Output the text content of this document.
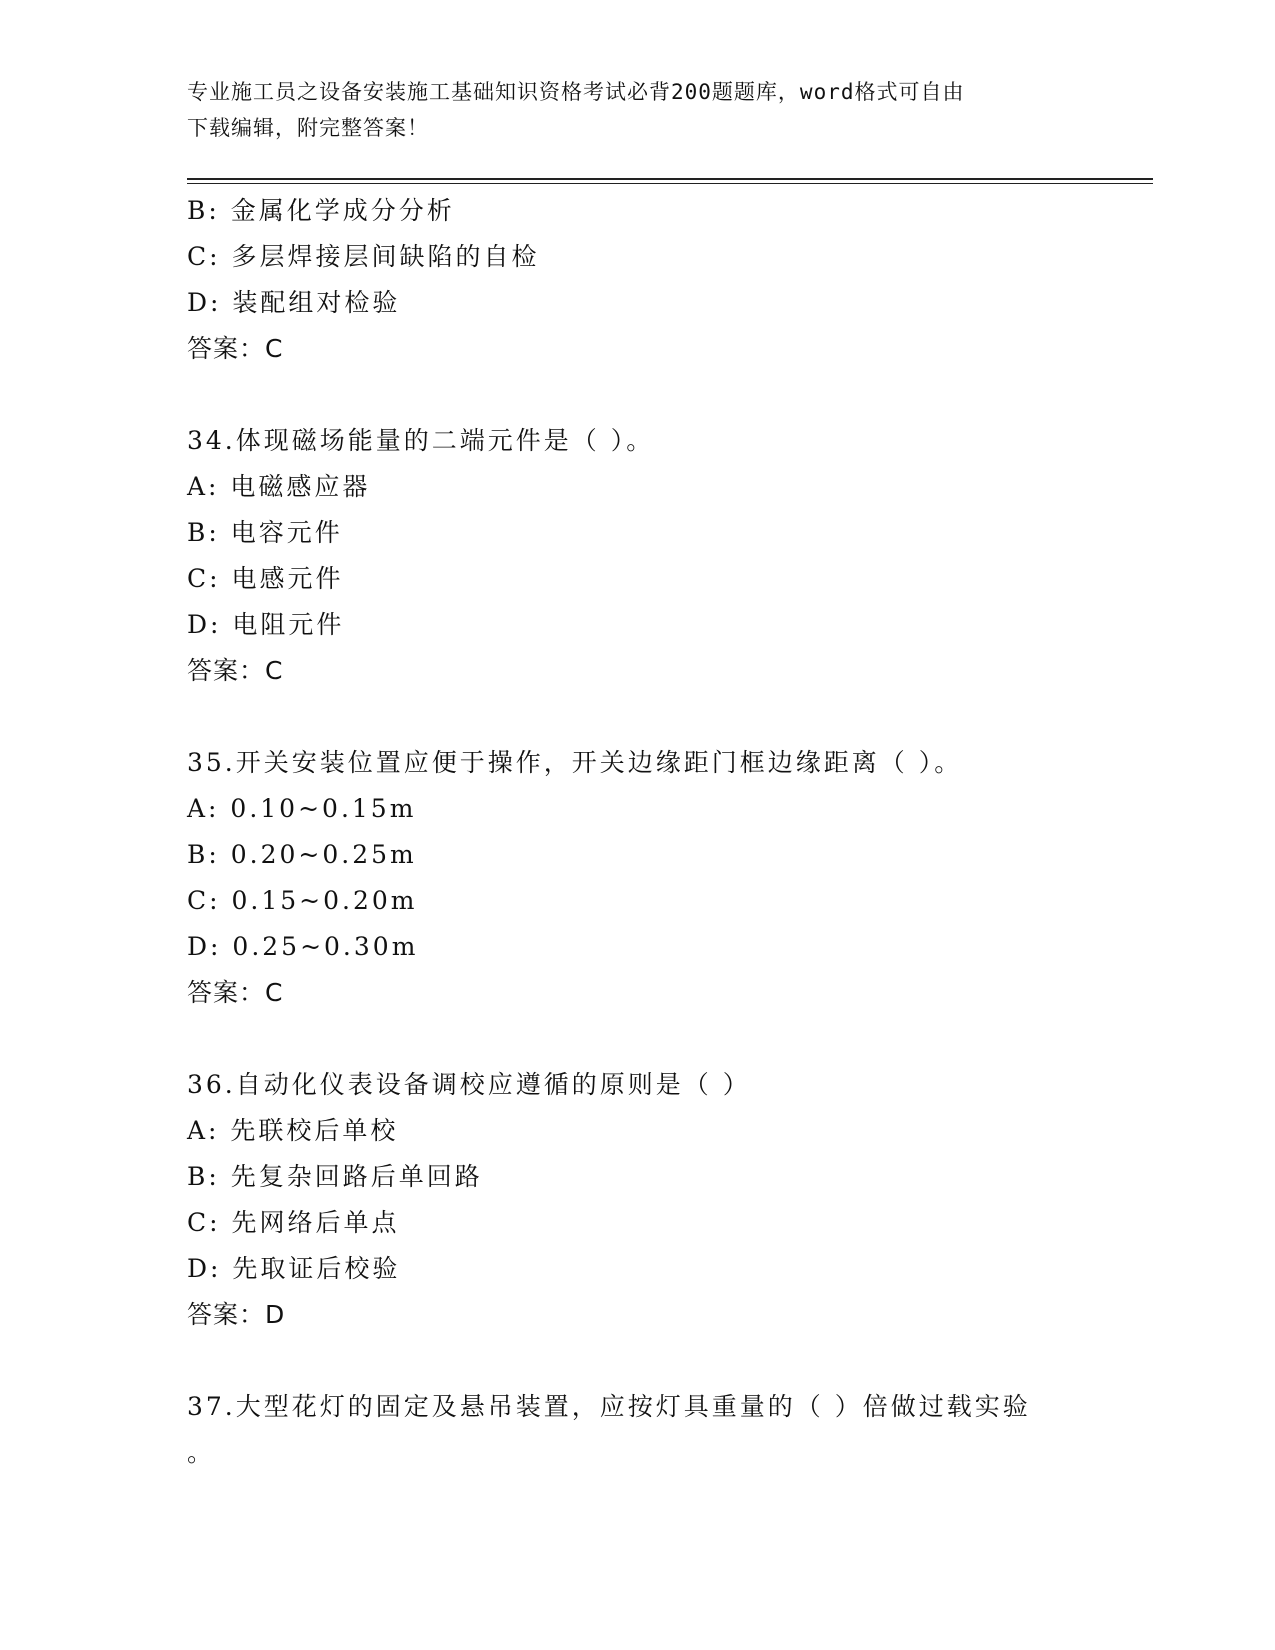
专业施工员之设备安装施工基础知识资格考试必背200题题库，word格式可自由
下载编辑，附完整答案！
B: 金属化学成分分析
C: 多层焊接层间缺陷的自检
D: 装配组对检验
答案：C
34.体现磁场能量的二端元件是（ ）。
A: 电磁感应器
B: 电容元件
C: 电感元件
D: 电阻元件
答案：C
35.开关安装位置应便于操作，开关边缘距门框边缘距离（ ）。
A: 0.10~0.15m
B: 0.20~0.25m
C: 0.15~0.20m
D: 0.25~0.30m
答案：C
36.自动化仪表设备调校应遵循的原则是（ ）
A: 先联校后单校
B: 先复杂回路后单回路
C: 先网络后单点
D: 先取证后校验
答案：D
37.大型花灯的固定及悬吊装置，应按灯具重量的（ ）倍做过载实验
。
